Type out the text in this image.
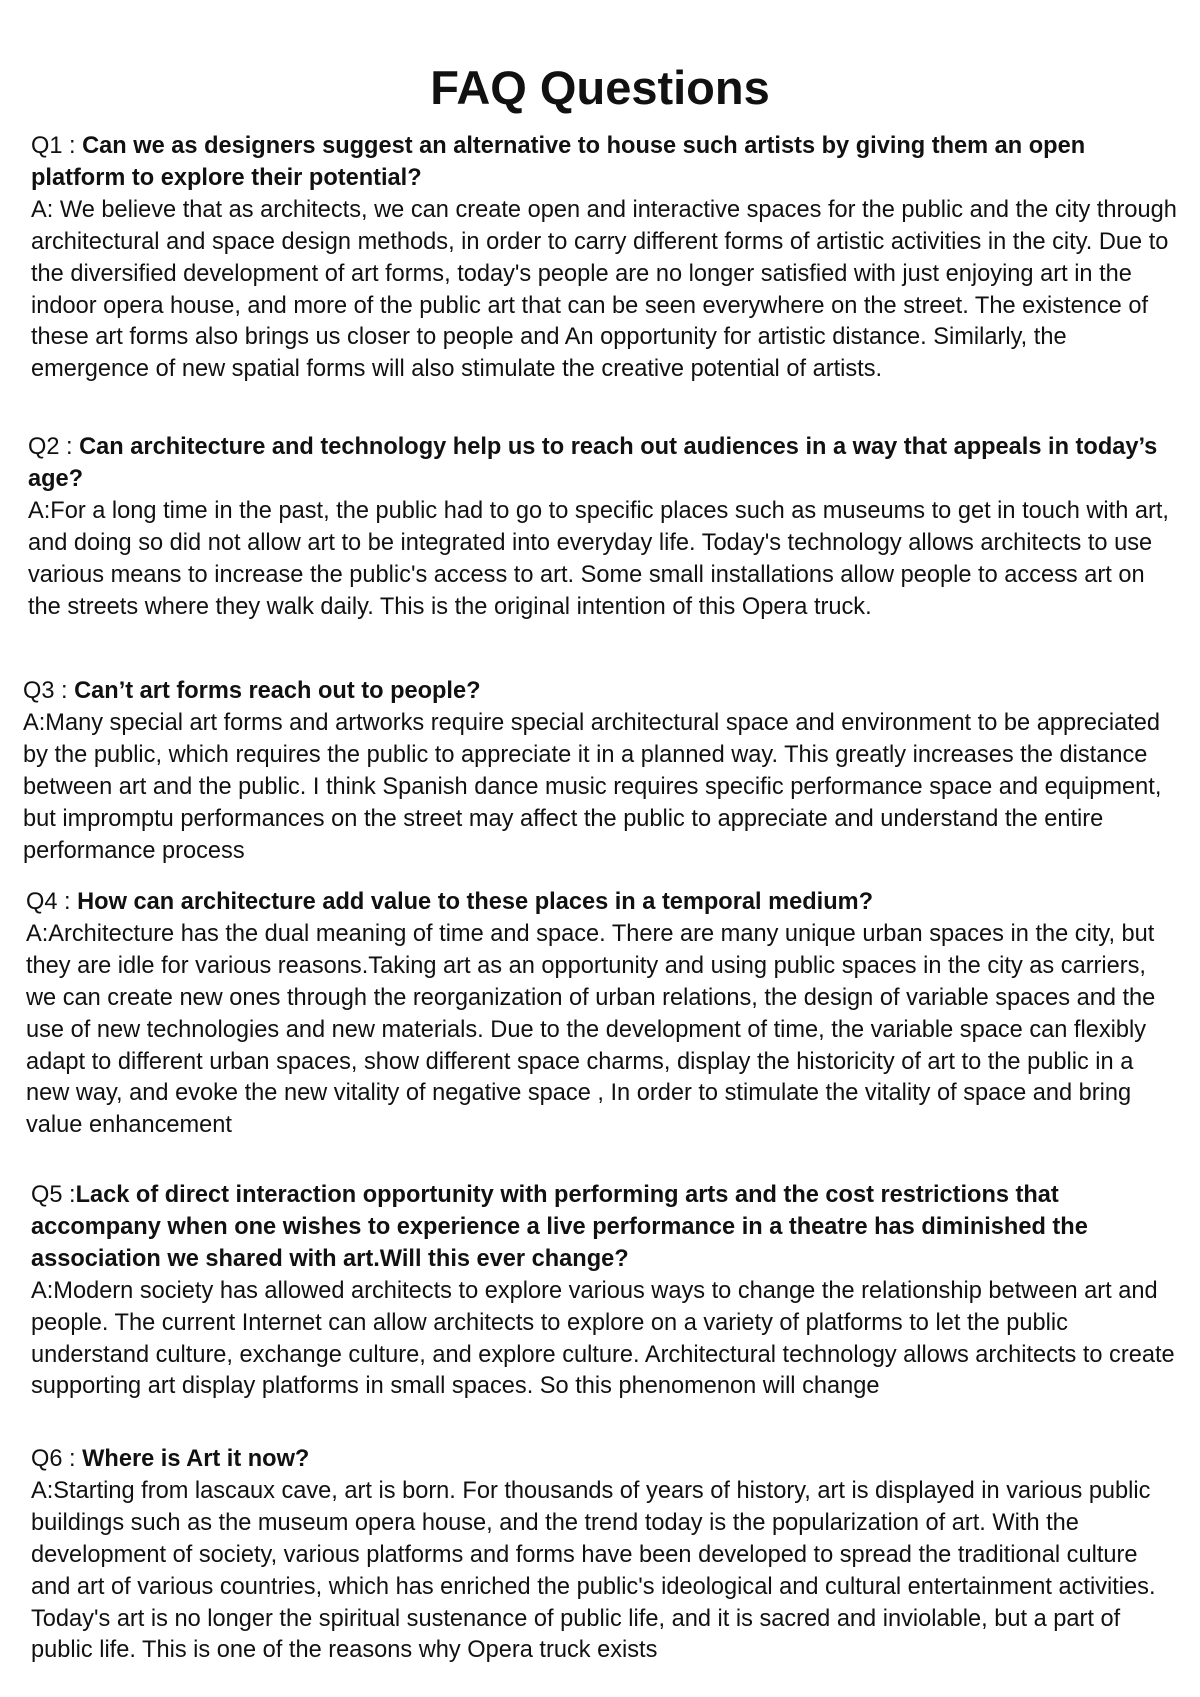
FAQ Questions

Q1 : Can we as designers suggest an alternative to house such artists by giving them an open platform to explore their potential?

A: We believe that as architects, we can create open and interactive spaces for the public and the city through architectural and space design methods, in order to carry different forms of artistic activities in the city. Due to the diversified development of art forms, today's people are no longer satisfied with just enjoying art in the indoor opera house, and more of the public art that can be seen everywhere on the street. The existence of these art forms also brings us closer to people and An opportunity for artistic distance. Similarly, the emergence of new spatial forms will also stimulate the creative potential of artists.

Q2 : Can architecture and technology help us to reach out audiences in a way that appeals in today’s age?

A:For a long time in the past, the public had to go to specific places such as museums to get in touch with art, and doing so did not allow art to be integrated into everyday life. Today's technology allows architects to use various means to increase the public's access to art. Some small installations allow people to access art on the streets where they walk daily. This is the original intention of this Opera truck.

Q3 : Can’t art forms reach out to people?

A:Many special art forms and artworks require special architectural space and environment to be appreciated by the public, which requires the public to appreciate it in a planned way. This greatly increases the distance between art and the public. I think Spanish dance music requires specific performance space and equipment, but impromptu performances on the street may affect the public to appreciate and understand the entire performance process

Q4 : How can architecture add value to these places in a temporal medium?

A:Architecture has the dual meaning of time and space. There are many unique urban spaces in the city, but they are idle for various reasons.Taking art as an opportunity and using public spaces in the city as carriers, we can create new ones through the reorganization of urban relations, the design of variable spaces and the use of new technologies and new materials. Due to the development of time, the variable space can flexibly adapt to different urban spaces, show different space charms, display the historicity of art to the public in a new way, and evoke the new vitality of negative space , In order to stimulate the vitality of space and bring value enhancement

Q5 :Lack of direct interaction opportunity with performing arts and the cost restrictions that accompany when one wishes to experience a live performance in a theatre has diminished the association we shared with art.Will this ever change?

A:Modern society has allowed architects to explore various ways to change the relationship between art and people. The current Internet can allow architects to explore on a variety of platforms to let the public understand culture, exchange culture, and explore culture. Architectural technology allows architects to create supporting art display platforms in small spaces. So this phenomenon will change

Q6 : Where is Art it now?

A:Starting from lascaux cave, art is born. For thousands of years of history, art is displayed in various public buildings such as the museum opera house, and the trend today is the popularization of art. With the development of society, various platforms and forms have been developed to spread the traditional culture and art of various countries, which has enriched the public's ideological and cultural entertainment activities. Today's art is no longer the spiritual sustenance of public life, and it is sacred and inviolable, but a part of public life. This is one of the reasons why Opera truck exists
